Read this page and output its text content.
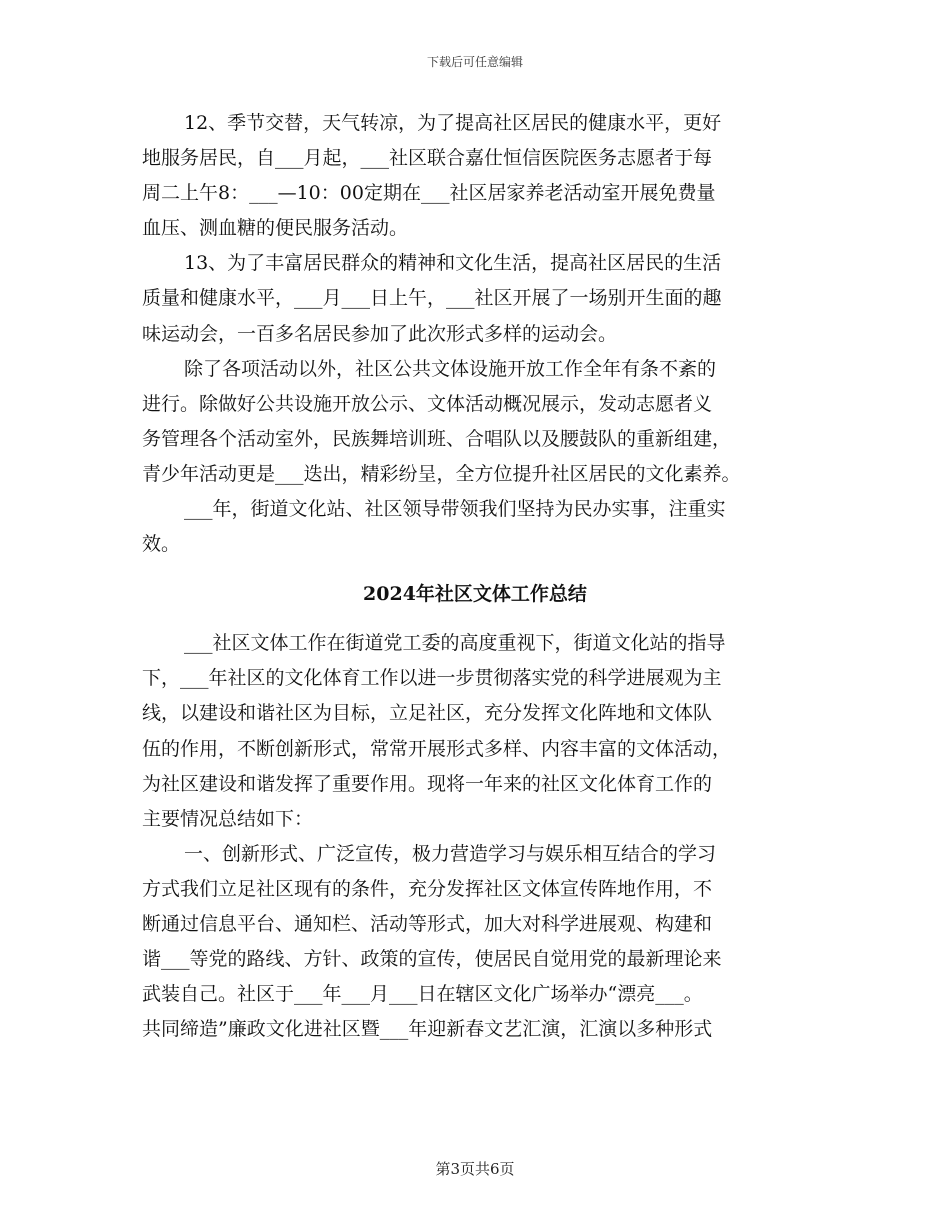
下载后可任意编辑
12、季节交替，天气转凉，为了提高社区居民的健康水平，更好
地服务居民，自___月起，___社区联合嘉仕恒信医院医务志愿者于每
周二上午8：___—10：00定期在___社区居家养老活动室开展免费量
血压、测血糖的便民服务活动。
13、为了丰富居民群众的精神和文化生活，提高社区居民的生活
质量和健康水平，___月___日上午，___社区开展了一场别开生面的趣
味运动会，一百多名居民参加了此次形式多样的运动会。
除了各项活动以外，社区公共文体设施开放工作全年有条不紊的
进行。除做好公共设施开放公示、文体活动概况展示，发动志愿者义
务管理各个活动室外，民族舞培训班、合唱队以及腰鼓队的重新组建，
青少年活动更是___迭出，精彩纷呈，全方位提升社区居民的文化素养。
___年，街道文化站、社区领导带领我们坚持为民办实事，注重实
效。
2024年社区文体工作总结
___社区文体工作在街道党工委的高度重视下，街道文化站的指导
下，___年社区的文化体育工作以进一步贯彻落实党的科学进展观为主
线，以建设和谐社区为目标，立足社区，充分发挥文化阵地和文体队
伍的作用，不断创新形式，常常开展形式多样、内容丰富的文体活动，
为社区建设和谐发挥了重要作用。现将一年来的社区文化体育工作的
主要情况总结如下：
一、创新形式、广泛宣传，极力营造学习与娱乐相互结合的学习
方式我们立足社区现有的条件，充分发挥社区文体宣传阵地作用，不
断通过信息平台、通知栏、活动等形式，加大对科学进展观、构建和
谐___等党的路线、方针、政策的宣传，使居民自觉用党的最新理论来
武装自己。社区于___年___月___日在辖区文化广场举办“漂亮___。
共同缔造”廉政文化进社区暨___年迎新春文艺汇演，汇演以多种形式
第3页共6页
